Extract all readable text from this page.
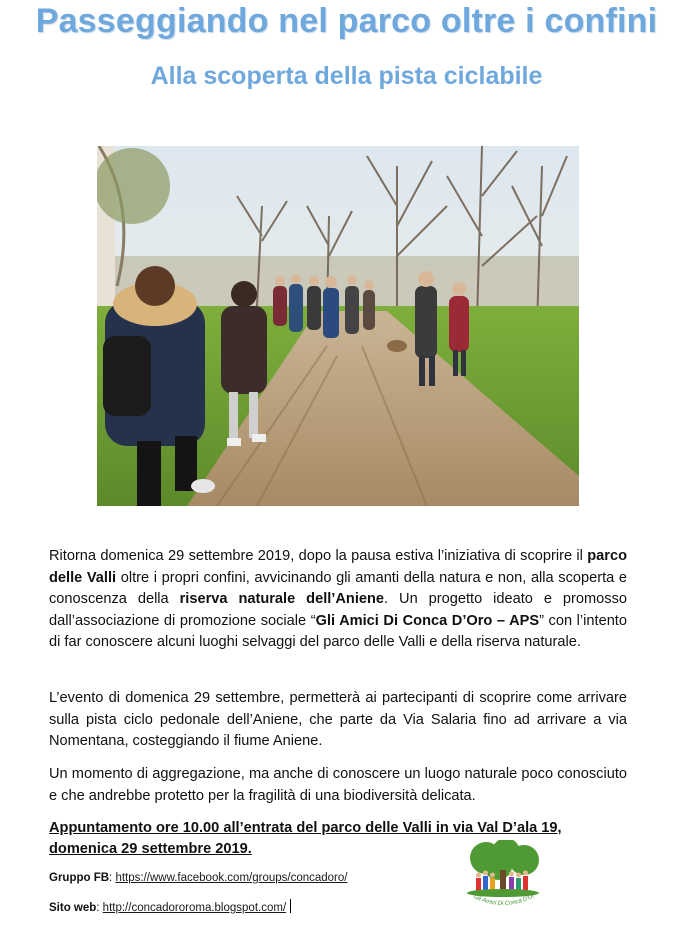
Passeggiando nel parco oltre i confini
Alla scoperta della pista ciclabile
Ritorna domenica 29 settembre 2019, dopo la pausa estiva l’iniziativa di scoprire il parco delle Valli oltre i propri confini, avvicinando gli amanti della natura e non, alla scoperta e conoscenza della riserva naturale dell’Aniene. Un progetto ideato e promosso dall’associazione di promozione sociale “Gli Amici Di Conca D’Oro – APS” con l’intento di far conoscere alcuni luoghi selvaggi del parco delle Valli e della riserva naturale.
L’evento di domenica 29 settembre, permetterà ai partecipanti di scoprire come arrivare sulla pista ciclo pedonale dell’Aniene, che parte da Via Salaria fino ad arrivare a via Nomentana, costeggiando il fiume Aniene.
Un momento di aggregazione, ma anche di conoscere un luogo naturale poco conosciuto e che andrebbe protetto per la fragilità di una biodiversità delicata.
Appuntamento ore 10.00 all’entrata del parco delle Valli in via Val D’ala 19, domenica 29 settembre 2019.
Gruppo FB: https://www.facebook.com/groups/concadoro/
Sito web: http://concadororoma.blogspot.com/
Gli Amici Di Conca D'Or
